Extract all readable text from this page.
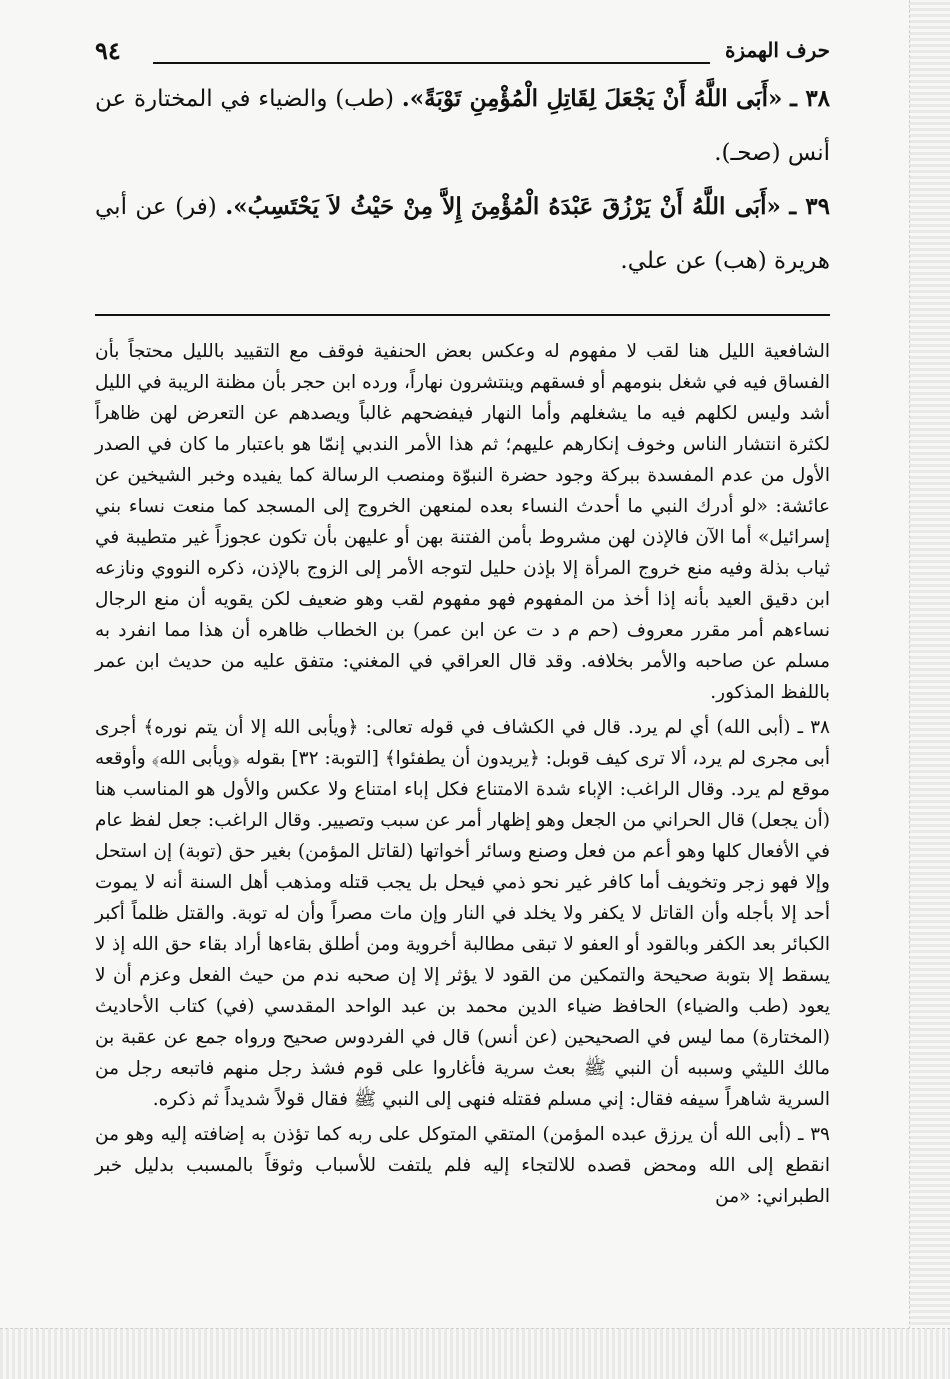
٩٤	حرف الهمزة

٣٨ ـ «أَبَى اللَّهُ أَنْ يَجْعَلَ لِقَاتِلِ الْمُؤْمِنِ تَوْبَةً». (طب) والضياء في المختارة عن أنس (صحـ).

٣٩ ـ «أَبَى اللَّهُ أَنْ يَرْزُقَ عَبْدَهُ الْمُؤْمِنَ إِلاَّ مِنْ حَيْثُ لاَ يَحْتَسِبُ». (فر) عن أبي هريرة (هب) عن علي.

الشافعية الليل هنا لقب لا مفهوم له وعكس بعض الحنفية فوقف مع التقييد بالليل محتجاً بأن الفساق فيه في شغل بنومهم أو فسقهم وينتشرون نهاراً، ورده ابن حجر بأن مظنة الريبة في الليل أشد وليس لكلهم فيه ما يشغلهم وأما النهار فيفضحهم غالباً ويصدهم عن التعرض لهن ظاهراً لكثرة انتشار الناس وخوف إنكارهم عليهم؛ ثم هذا الأمر الندبي إنمّا هو باعتبار ما كان في الصدر الأول من عدم المفسدة ببركة وجود حضرة النبوّة ومنصب الرسالة كما يفيده وخبر الشيخين عن عائشة: «لو أدرك النبي ما أحدث النساء بعده لمنعهن الخروج إلى المسجد كما منعت نساء بني إسرائيل» أما الآن فالإذن لهن مشروط بأمن الفتنة بهن أو عليهن بأن تكون عجوزاً غير متطيبة في ثياب بذلة وفيه منع خروج المرأة إلا بإذن حليل لتوجه الأمر إلى الزوج بالإذن، ذكره النووي ونازعه ابن دقيق العيد بأنه إذا أخذ من المفهوم فهو مفهوم لقب وهو ضعيف لكن يقويه أن منع الرجال نساءهم أمر مقرر معروف (حم م د ت عن ابن عمر) بن الخطاب ظاهره أن هذا مما انفرد به مسلم عن صاحبه والأمر بخلافه. وقد قال العراقي في المغني: متفق عليه من حديث ابن عمر باللفظ المذكور.

٣٨ ـ (أبى الله) أي لم يرد. قال في الكشاف في قوله تعالى: ﴿ويأبى الله إلا أن يتم نوره﴾ أجرى أبى مجرى لم يرد، ألا ترى كيف قوبل: ﴿يريدون أن يطفئوا﴾ [التوبة: ٣٢] بقوله ﴿ويأبى الله﴾ وأوقعه موقع لم يرد. وقال الراغب: الإباء شدة الامتناع فكل إباء امتناع ولا عكس والأول هو المناسب هنا (أن يجعل) قال الحراني من الجعل وهو إظهار أمر عن سبب وتصيير. وقال الراغب: جعل لفظ عام في الأفعال كلها وهو أعم من فعل وصنع وسائر أخواتها (لقاتل المؤمن) بغير حق (توبة) إن استحل وإلا فهو زجر وتخويف أما كافر غير نحو ذمي فيحل بل يجب قتله ومذهب أهل السنة أنه لا يموت أحد إلا بأجله وأن القاتل لا يكفر ولا يخلد في النار وإن مات مصراً وأن له توبة. والقتل ظلماً أكبر الكبائر بعد الكفر وبالقود أو العفو لا تبقى مطالبة أخروية ومن أطلق بقاءها أراد بقاء حق الله إذ لا يسقط إلا بتوبة صحيحة والتمكين من القود لا يؤثر إلا إن صحبه ندم من حيث الفعل وعزم أن لا يعود (طب والضياء) الحافظ ضياء الدين محمد بن عبد الواحد المقدسي (في) كتاب الأحاديث (المختارة) مما ليس في الصحيحين (عن أنس) قال في الفردوس صحيح ورواه جمع عن عقبة بن مالك الليثي وسببه أن النبي ﷺ بعث سرية فأغاروا على قوم فشذ رجل منهم فاتبعه رجل من السرية شاهراً سيفه فقال: إني مسلم فقتله فنهى إلى النبي ﷺ فقال قولاً شديداً ثم ذكره.

٣٩ ـ (أبى الله أن يرزق عبده المؤمن) المتقي المتوكل على ربه كما تؤذن به إضافته إليه وهو من انقطع إلى الله ومحض قصده للالتجاء إليه فلم يلتفت للأسباب وثوقاً بالمسبب بدليل خبر الطبراني: «من
